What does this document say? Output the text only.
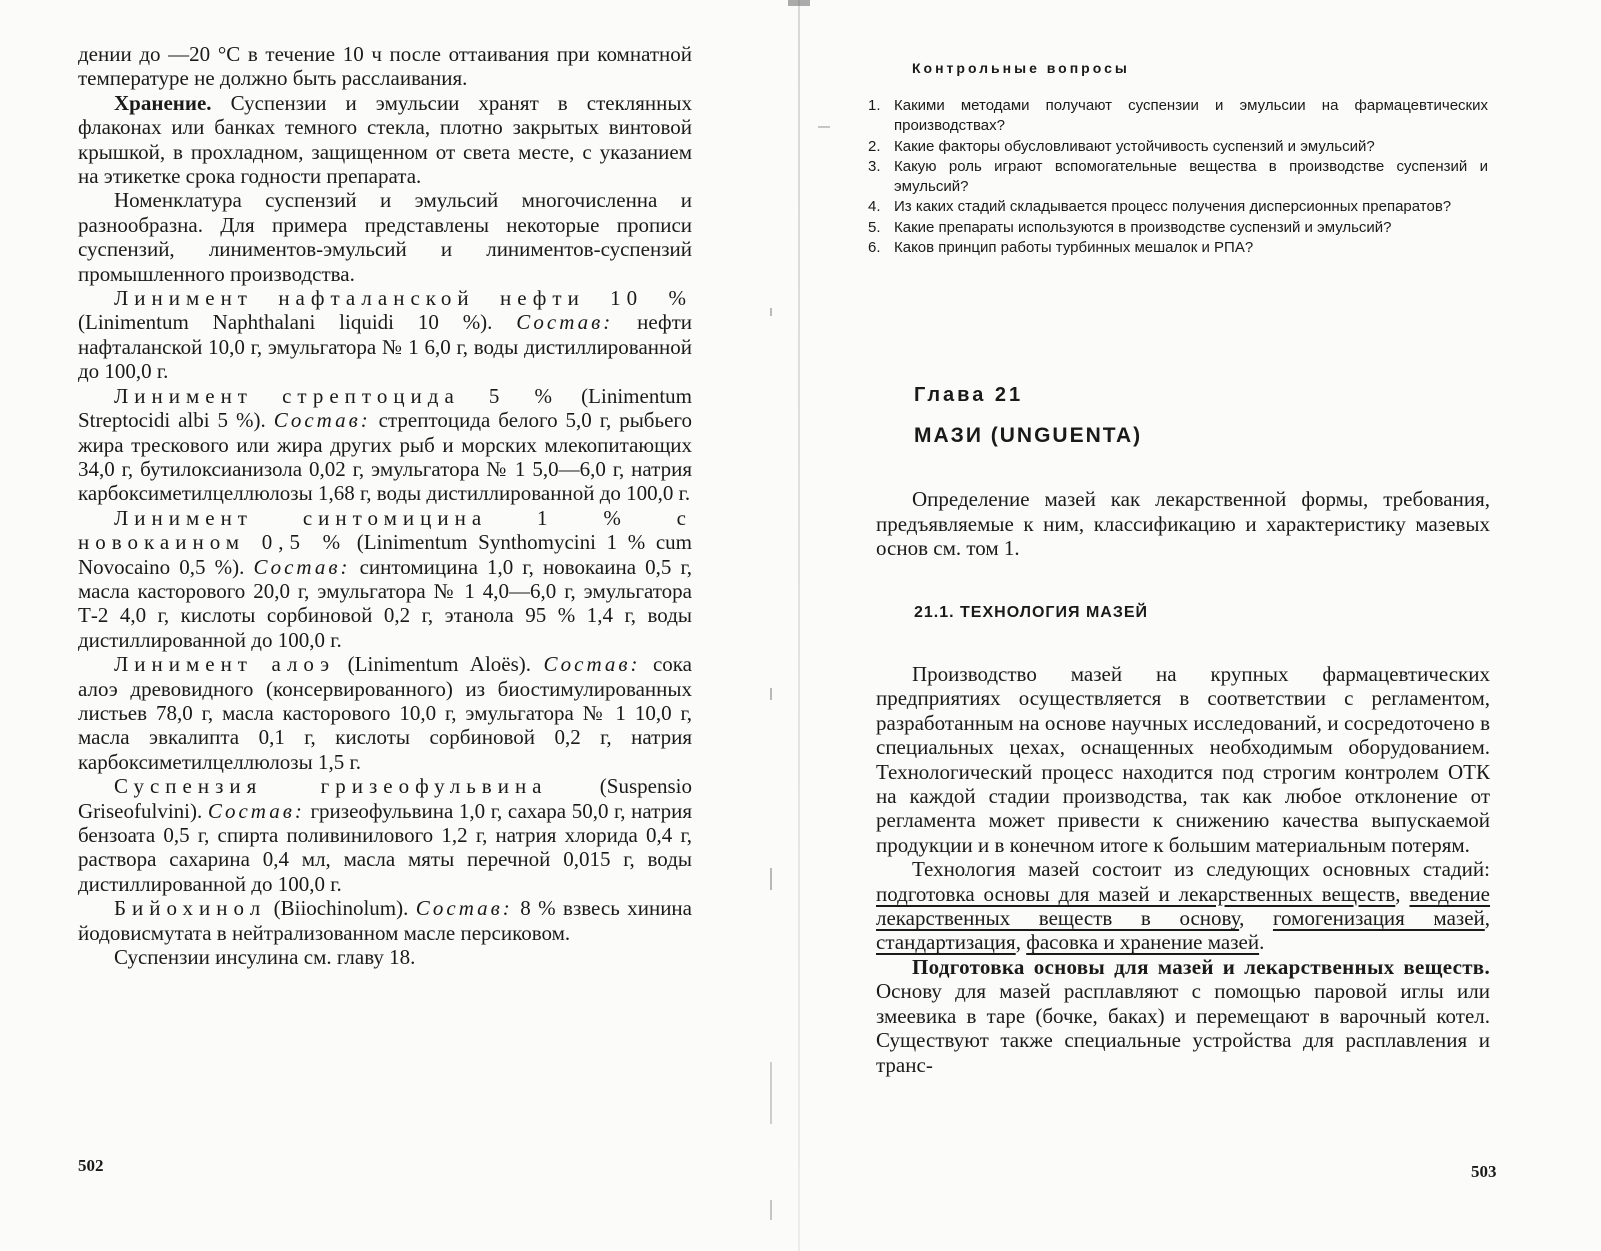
дении до —20 °C в течение 10 ч после оттаивания при комнатной температуре не должно быть расслаивания.

Хранение. Суспензии и эмульсии хранят в стеклянных флаконах или банках темного стекла, плотно закрытых винтовой крышкой, в прохладном, защищенном от света месте, с указанием на этикетке срока годности препарата.

Номенклатура суспензий и эмульсий многочисленна и разнообразна. Для примера представлены некоторые прописи суспензий, линиментов-эмульсий и линиментов-суспензий промышленного производства.

Линимент нафталанской нефти 10 % (Linimentum Naphthalani liquidi 10 %). Состав: нефти нафталанской 10,0 г, эмульгатора № 1 6,0 г, воды дистиллированной до 100,0 г.

Линимент стрептоцида 5 % (Linimentum Streptocidi albi 5 %). Состав: стрептоцида белого 5,0 г, рыбьего жира трескового или жира других рыб и морских млекопитающих 34,0 г, бутилоксианизола 0,02 г, эмульгатора № 1 5,0—6,0 г, натрия карбоксиметилцеллюлозы 1,68 г, воды дистиллированной до 100,0 г.

Линимент синтомицина 1 % с новокаином 0,5 % (Linimentum Synthomycini 1 % cum Novocaino 0,5 %). Состав: синтомицина 1,0 г, новокаина 0,5 г, масла касторового 20,0 г, эмульгатора № 1 4,0—6,0 г, эмульгатора Т-2 4,0 г, кислоты сорбиновой 0,2 г, этанола 95 % 1,4 г, воды дистиллированной до 100,0 г.

Линимент алоэ (Linimentum Aloës). Состав: сока алоэ древовидного (консервированного) из биостимулированных листьев 78,0 г, масла касторового 10,0 г, эмульгатора № 1 10,0 г, масла эвкалипта 0,1 г, кислоты сорбиновой 0,2 г, натрия карбоксиметилцеллюлозы 1,5 г.

Суспензия гризеофульвина (Suspensio Griseofulvini). Состав: гризеофульвина 1,0 г, сахара 50,0 г, натрия бензоата 0,5 г, спирта поливинилового 1,2 г, натрия хлорида 0,4 г, раствора сахарина 0,4 мл, масла мяты перечной 0,015 г, воды дистиллированной до 100,0 г.

Бийохинол (Biiochinolum). Состав: 8 % взвесь хинина йодовисмутата в нейтрализованном масле персиковом.

Суспензии инсулина см. главу 18.

502
Контрольные вопросы
1. Какими методами получают суспензии и эмульсии на фармацевтических производствах?
2. Какие факторы обусловливают устойчивость суспензий и эмульсий?
3. Какую роль играют вспомогательные вещества в производстве суспензий и эмульсий?
4. Из каких стадий складывается процесс получения дисперсионных препаратов?
5. Какие препараты используются в производстве суспензий и эмульсий?
6. Каков принцип работы турбинных мешалок и РПА?
Глава 21
МАЗИ (UNGUENTA)

Определение мазей как лекарственной формы, требования, предъявляемые к ним, классификацию и характеристику мазевых основ см. том 1.

21.1. ТЕХНОЛОГИЯ МАЗЕЙ

Производство мазей на крупных фармацевтических предприятиях осуществляется в соответствии с регламентом, разработанным на основе научных исследований, и сосредоточено в специальных цехах, оснащенных необходимым оборудованием. Технологический процесс находится под строгим контролем ОТК на каждой стадии производства, так как любое отклонение от регламента может привести к снижению качества выпускаемой продукции и в конечном итоге к большим материальным потерям.

Технология мазей состоит из следующих основных стадий: подготовка основы для мазей и лекарственных веществ, введение лекарственных веществ в основу, гомогенизация мазей, стандартизация, фасовка и хранение мазей.

Подготовка основы для мазей и лекарственных веществ. Основу для мазей расплавляют с помощью паровой иглы или змеевика в таре (бочке, баках) и перемещают в варочный котел. Существуют также специальные устройства для расплавления и транс-

503
